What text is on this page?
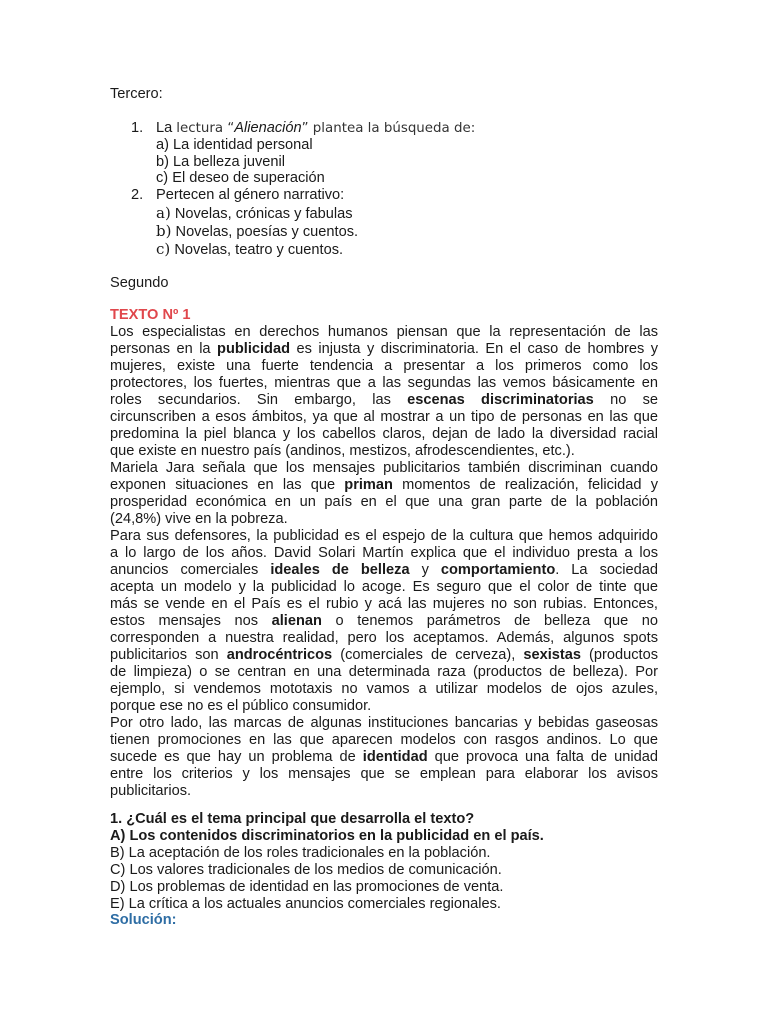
Tercero:
1. La lectura “Alienación” plantea la búsqueda de:
a) La identidad personal
b) La belleza juvenil
c) El deseo de superación
2. Pertecen al género narrativo:
a) Novelas, crónicas y fabulas
b) Novelas, poesías y cuentos.
c) Novelas, teatro y cuentos.
Segundo
TEXTO Nº 1
Los especialistas en derechos humanos piensan que la representación de las
personas en la publicidad es injusta y discriminatoria. En el caso de hombres y
mujeres, existe una fuerte tendencia a presentar a los primeros como los
protectores, los fuertes, mientras que a las segundas las vemos básicamente en
roles secundarios. Sin embargo, las escenas discriminatorias no se
circunscriben a esos ámbitos, ya que al mostrar a un tipo de personas en las que
predomina la piel blanca y los cabellos claros, dejan de lado la diversidad racial
que existe en nuestro país (andinos, mestizos, afrodescendientes, etc.).
Mariela Jara señala que los mensajes publicitarios también discriminan cuando
exponen situaciones en las que priman momentos de realización, felicidad y
prosperidad económica en un país en el que una gran parte de la población
(24,8%) vive en la pobreza.
Para sus defensores, la publicidad es el espejo de la cultura que hemos adquirido
a lo largo de los años. David Solari Martín explica que el individuo presta a los
anuncios comerciales ideales de belleza y comportamiento. La sociedad
acepta un modelo y la publicidad lo acoge. Es seguro que el color de tinte que
más se vende en el País es el rubio y acá las mujeres no son rubias. Entonces,
estos mensajes nos alienan o tenemos parámetros de belleza que no
corresponden a nuestra realidad, pero los aceptamos. Además, algunos spots
publicitarios son androcéntricos (comerciales de cerveza), sexistas (productos
de limpieza) o se centran en una determinada raza (productos de belleza). Por
ejemplo, si vendemos mototaxis no vamos a utilizar modelos de ojos azules,
porque ese no es el público consumidor.
Por otro lado, las marcas de algunas instituciones bancarias y bebidas gaseosas
tienen promociones en las que aparecen modelos con rasgos andinos. Lo que
sucede es que hay un problema de identidad que provoca una falta de unidad
entre los criterios y los mensajes que se emplean para elaborar los avisos
publicitarios.
1. ¿Cuál es el tema principal que desarrolla el texto?
A) Los contenidos discriminatorios en la publicidad en el país.
B) La aceptación de los roles tradicionales en la población.
C) Los valores tradicionales de los medios de comunicación.
D) Los problemas de identidad en las promociones de venta.
E) La crítica a los actuales anuncios comerciales regionales.
Solución:
